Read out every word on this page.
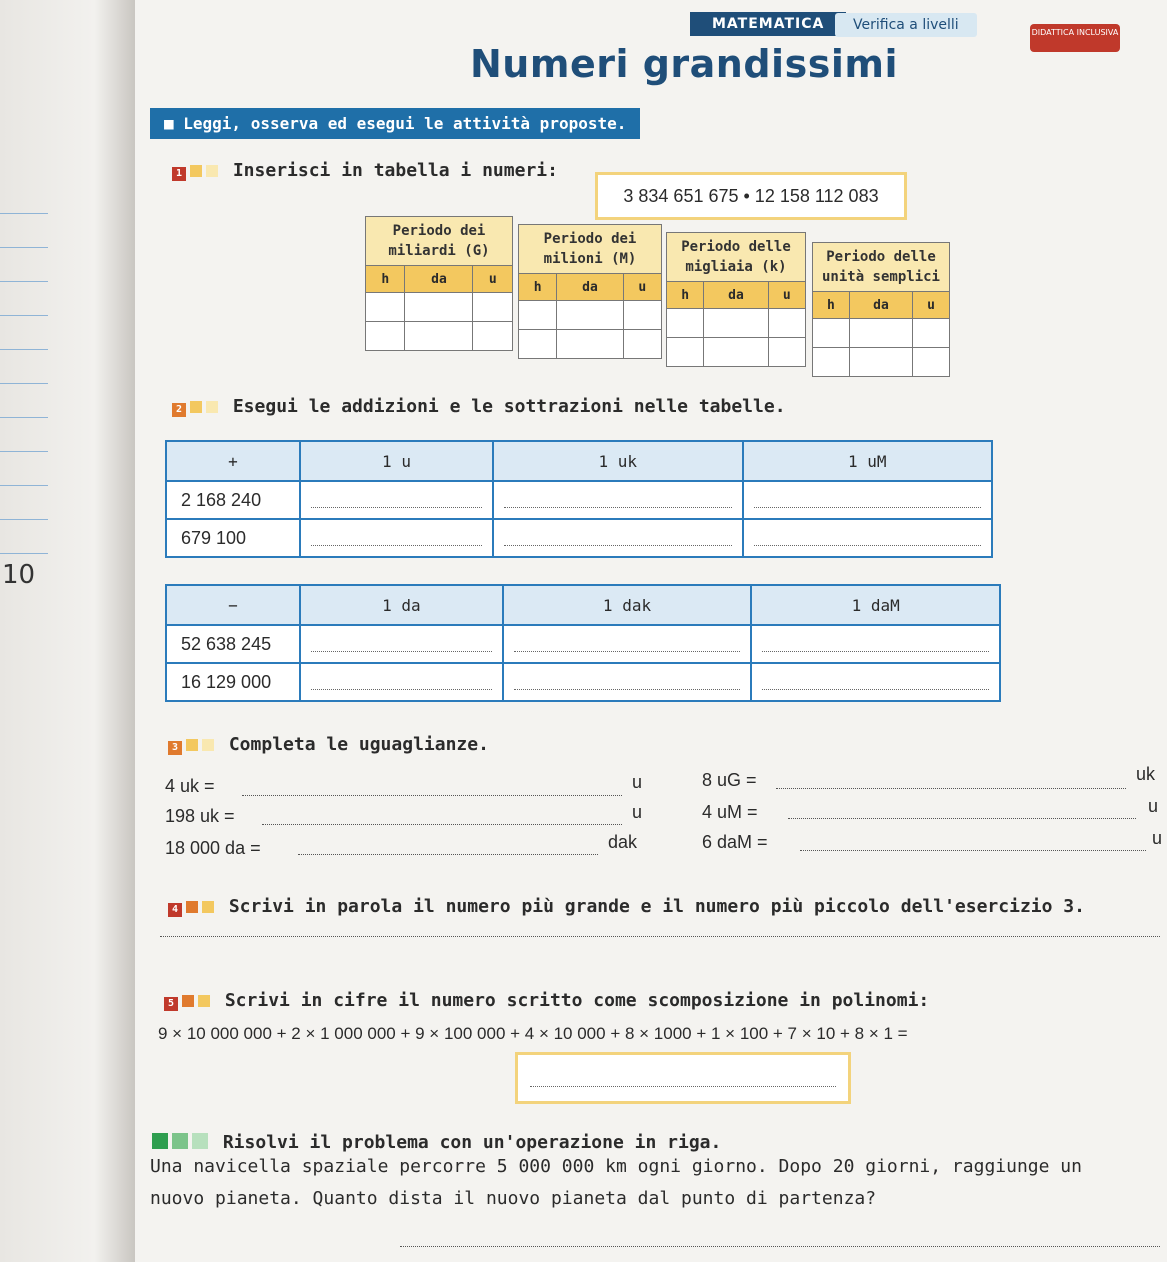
10
MATEMATICA	Verifica a livelli	DIDATTICA INCLUSIVA
Numeri grandissimi
■ Leggi, osserva ed esegui le attività proposte.
1	Inserisci in tabella i numeri:
3 834 651 675 • 12 158 112 083
Periodo dei miliardi (G)		
h	da	u

Periodo dei milioni (M)		
h	da	u

Periodo delle migliaia (k)		
h	da	u

Periodo delle unità semplici		
h	da	u

2	Esegui le addizioni e le sottrazioni nelle tabelle.
+	1 u	1 uk	1 uM
2 168 240			
679 100			
−	1 da	1 dak	1 daM
52 638 245			
16 129 000			
3	Completa le uguaglianze.
4 uk =	u
198 uk =	u
18 000 da =	dak
8 uG =	uk
4 uM =	u
6 daM =	u
4	Scrivi in parola il numero più grande e il numero più piccolo dell'esercizio 3.
5	Scrivi in cifre il numero scritto come scomposizione in polinomi:
9 × 10 000 000 + 2 × 1 000 000 + 9 × 100 000 + 4 × 10 000 + 8 × 1000 + 1 × 100 + 7 × 10 + 8 × 1 =
Risolvi il problema con un'operazione in riga.
Una navicella spaziale percorre 5 000 000 km ogni giorno. Dopo 20 giorni, raggiunge un
nuovo pianeta. Quanto dista il nuovo pianeta dal punto di partenza?
